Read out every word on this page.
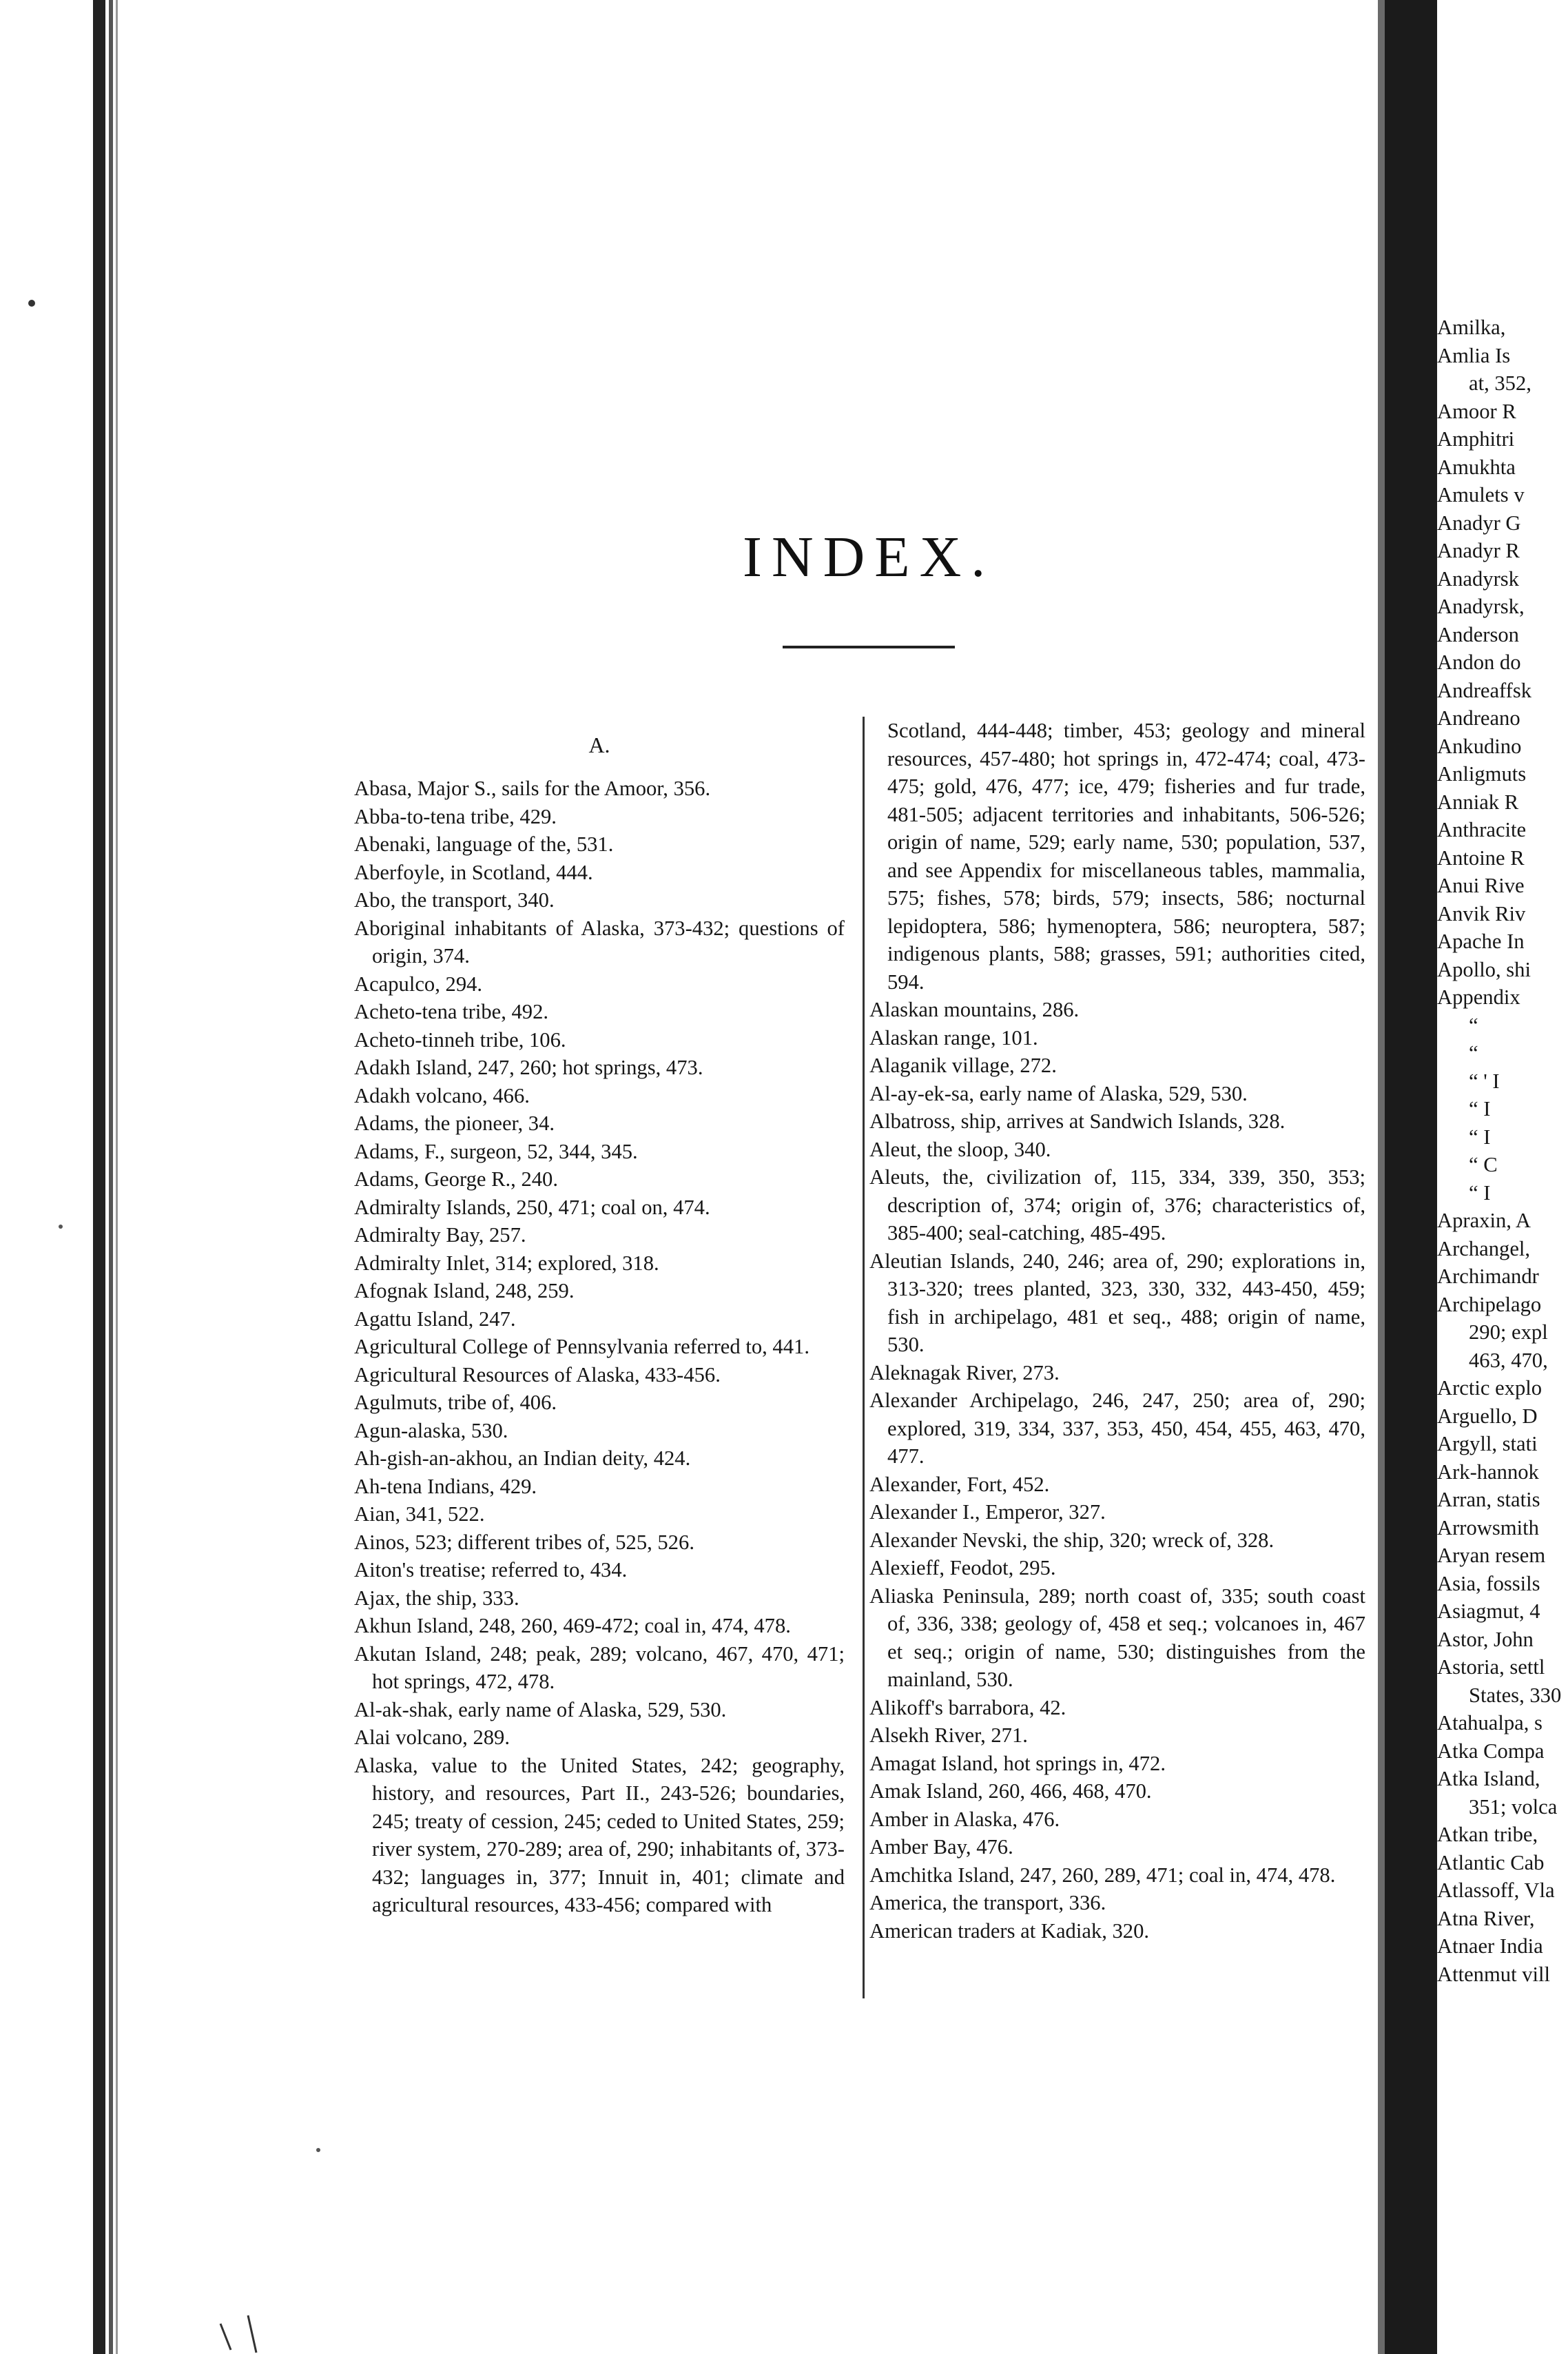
INDEX.
A.

Abasa, Major S., sails for the Amoor, 356.

Abba-to-tena tribe, 429.

Abenaki, language of the, 531.

Aberfoyle, in Scotland, 444.

Abo, the transport, 340.

Aboriginal inhabitants of Alaska, 373-432; questions of origin, 374.

Acapulco, 294.

Acheto-tena tribe, 492.

Acheto-tinneh tribe, 106.

Adakh Island, 247, 260; hot springs, 473.

Adakh volcano, 466.

Adams, the pioneer, 34.

Adams, F., surgeon, 52, 344, 345.

Adams, George R., 240.

Admiralty Islands, 250, 471; coal on, 474.

Admiralty Bay, 257.

Admiralty Inlet, 314; explored, 318.

Afognak Island, 248, 259.

Agattu Island, 247.

Agricultural College of Pennsylvania referred to, 441.

Agricultural Resources of Alaska, 433-456.

Agulmuts, tribe of, 406.

Agun-alaska, 530.

Ah-gish-an-akhou, an Indian deity, 424.

Ah-tena Indians, 429.

Aian, 341, 522.

Ainos, 523; different tribes of, 525, 526.

Aiton's treatise; referred to, 434.

Ajax, the ship, 333.

Akhun Island, 248, 260, 469-472; coal in, 474, 478.

Akutan Island, 248; peak, 289; volcano, 467, 470, 471; hot springs, 472, 478.

Al-ak-shak, early name of Alaska, 529, 530.

Alai volcano, 289.

Alaska, value to the United States, 242; geography, history, and resources, Part II., 243-526; boundaries, 245; treaty of cession, 245; ceded to United States, 259; river system, 270-289; area of, 290; inhabitants of, 373-432; languages in, 377; Innuit in, 401; climate and agricultural resources, 433-456; compared with

Scotland, 444-448; timber, 453; geology and mineral resources, 457-480; hot springs in, 472-474; coal, 473-475; gold, 476, 477; ice, 479; fisheries and fur trade, 481-505; adjacent territories and inhabitants, 506-526; origin of name, 529; early name, 530; population, 537, and see Appendix for miscellaneous tables, mammalia, 575; fishes, 578; birds, 579; insects, 586; nocturnal lepidoptera, 586; hymenoptera, 586; neuroptera, 587; indigenous plants, 588; grasses, 591; authorities cited, 594.

Alaskan mountains, 286.

Alaskan range, 101.

Alaganik village, 272.

Al-ay-ek-sa, early name of Alaska, 529, 530.

Albatross, ship, arrives at Sandwich Islands, 328.

Aleut, the sloop, 340.

Aleuts, the, civilization of, 115, 334, 339, 350, 353; description of, 374; origin of, 376; characteristics of, 385-400; seal-catching, 485-495.

Aleutian Islands, 240, 246; area of, 290; explorations in, 313-320; trees planted, 323, 330, 332, 443-450, 459; fish in archipelago, 481 et seq., 488; origin of name, 530.

Aleknagak River, 273.

Alexander Archipelago, 246, 247, 250; area of, 290; explored, 319, 334, 337, 353, 450, 454, 455, 463, 470, 477.

Alexander, Fort, 452.

Alexander I., Emperor, 327.

Alexander Nevski, the ship, 320; wreck of, 328.

Alexieff, Feodot, 295.

Aliaska Peninsula, 289; north coast of, 335; south coast of, 336, 338; geology of, 458 et seq.; volcanoes in, 467 et seq.; origin of name, 530; distinguishes from the mainland, 530.

Alikoff's barrabora, 42.

Alsekh River, 271.

Amagat Island, hot springs in, 472.

Amak Island, 260, 466, 468, 470.

Amber in Alaska, 476.

Amber Bay, 476.

Amchitka Island, 247, 260, 289, 471; coal in, 474, 478.

America, the transport, 336.

American traders at Kadiak, 320.

Amilka,
Amlia Is
at, 352,
Amoor R
Amphitri
Amukhta
Amulets v
Anadyr G
Anadyr R
Anadyrsk
Anadyrsk,
Anderson
Andon do
Andreaffsk
Andreano
Ankudino
Anligmuts
Anniak R
Anthracite
Antoine R
Anui Rive
Anvik Riv
Apache In
Apollo, shi
Appendix
“
“
“ ' I
“ I
“ I
“ C
“ I
Apraxin, A
Archangel,
Archimandr
Archipelago
290; expl
463, 470,
Arctic explo
Arguello, D
Argyll, stati
Ark-hannok
Arran, statis
Arrowsmith
Aryan resem
Asia, fossils
Asiagmut, 4
Astor, John
Astoria, settl
States, 330
Atahualpa, s
Atka Compa
Atka Island,
351; volca
Atkan tribe,
Atlantic Cab
Atlassoff, Vla
Atna River,
Atnaer India
Attenmut vill
